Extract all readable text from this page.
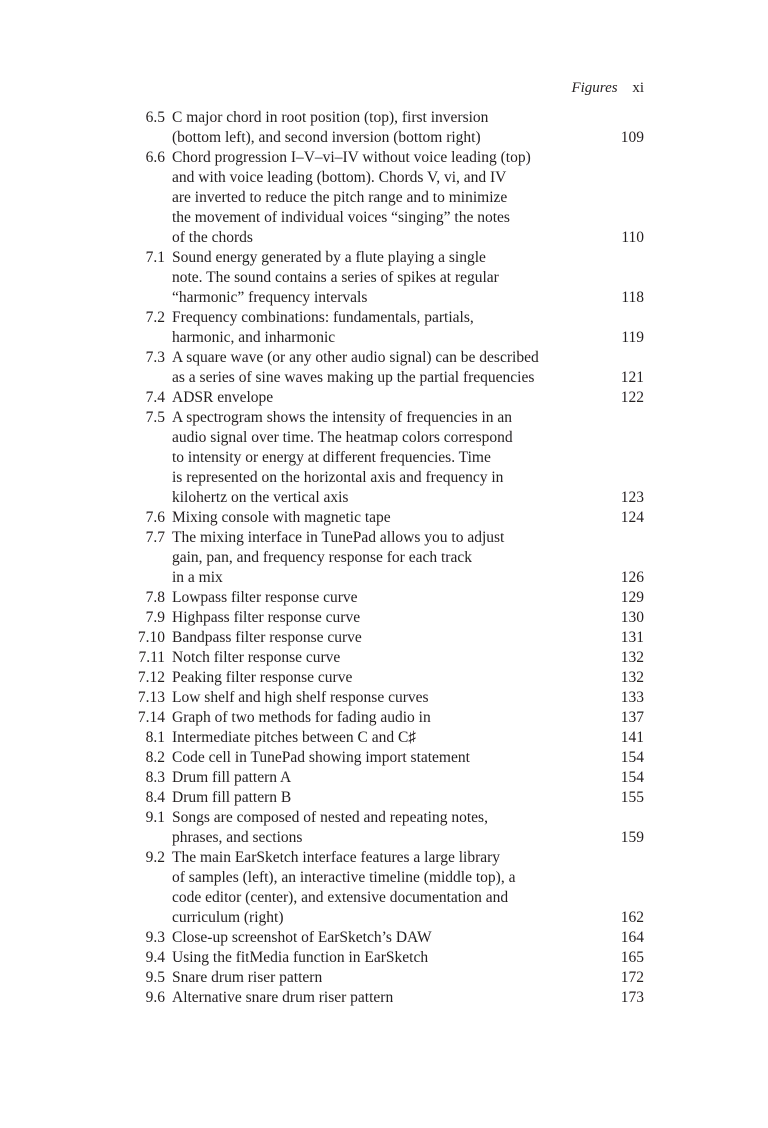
Figures xi
6.5 C major chord in root position (top), first inversion
(bottom left), and second inversion (bottom right)	109
6.6 Chord progression I–V–vi–IV without voice leading (top)
and with voice leading (bottom). Chords V, vi, and IV
are inverted to reduce the pitch range and to minimize
the movement of individual voices “singing” the notes
of the chords	110
7.1 Sound energy generated by a flute playing a single
note. The sound contains a series of spikes at regular
“harmonic” frequency intervals	118
7.2 Frequency combinations: fundamentals, partials,
harmonic, and inharmonic	119
7.3 A square wave (or any other audio signal) can be described
as a series of sine waves making up the partial frequencies	121
7.4 ADSR envelope	122
7.5 A spectrogram shows the intensity of frequencies in an
audio signal over time. The heatmap colors correspond
to intensity or energy at different frequencies. Time
is represented on the horizontal axis and frequency in
kilohertz on the vertical axis	123
7.6 Mixing console with magnetic tape	124
7.7 The mixing interface in TunePad allows you to adjust
gain, pan, and frequency response for each track
in a mix	126
7.8 Lowpass filter response curve	129
7.9 Highpass filter response curve	130
7.10 Bandpass filter response curve	131
7.11 Notch filter response curve	132
7.12 Peaking filter response curve	132
7.13 Low shelf and high shelf response curves	133
7.14 Graph of two methods for fading audio in	137
8.1 Intermediate pitches between C and C♯	141
8.2 Code cell in TunePad showing import statement	154
8.3 Drum fill pattern A	154
8.4 Drum fill pattern B	155
9.1 Songs are composed of nested and repeating notes,
phrases, and sections	159
9.2 The main EarSketch interface features a large library
of samples (left), an interactive timeline (middle top), a
code editor (center), and extensive documentation and
curriculum (right)	162
9.3 Close-up screenshot of EarSketch’s DAW	164
9.4 Using the fitMedia function in EarSketch	165
9.5 Snare drum riser pattern	172
9.6 Alternative snare drum riser pattern	173
